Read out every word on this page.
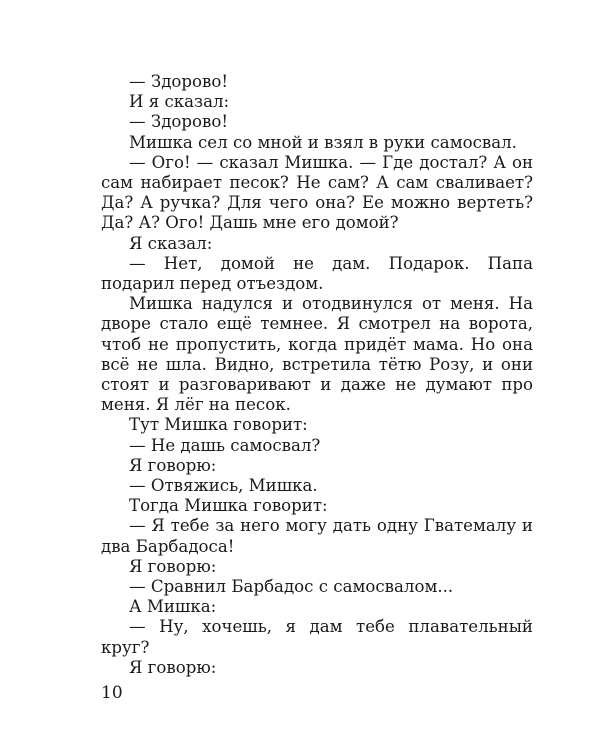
— Здорово!

И я сказал:

— Здорово!

Мишка сел со мной и взял в руки самосвал.

— Ого! — сказал Мишка. — Где достал? А он сам набирает песок? Не сам? А сам сваливает? Да? А ручка? Для чего она? Ее можно вертеть? Да? А? Ого! Дашь мне его домой?

Я сказал:

— Нет, домой не дам. Подарок. Папа подарил перед отъездом.

Мишка надулся и отодвинулся от меня. На дворе стало ещё темнее. Я смотрел на ворота, чтоб не пропустить, когда придёт мама. Но она всё не шла. Видно, встретила тётю Розу, и они стоят и разговаривают и даже не думают про меня. Я лёг на песок.

Тут Мишка говорит:

— Не дашь самосвал?

Я говорю:

— Отвяжись, Мишка.

Тогда Мишка говорит:

— Я тебе за него могу дать одну Гватемалу и два Барбадоса!

Я говорю:

— Сравнил Барбадос с самосвалом...

А Мишка:

— Ну, хочешь, я дам тебе плавательный круг?

Я говорю:

10
